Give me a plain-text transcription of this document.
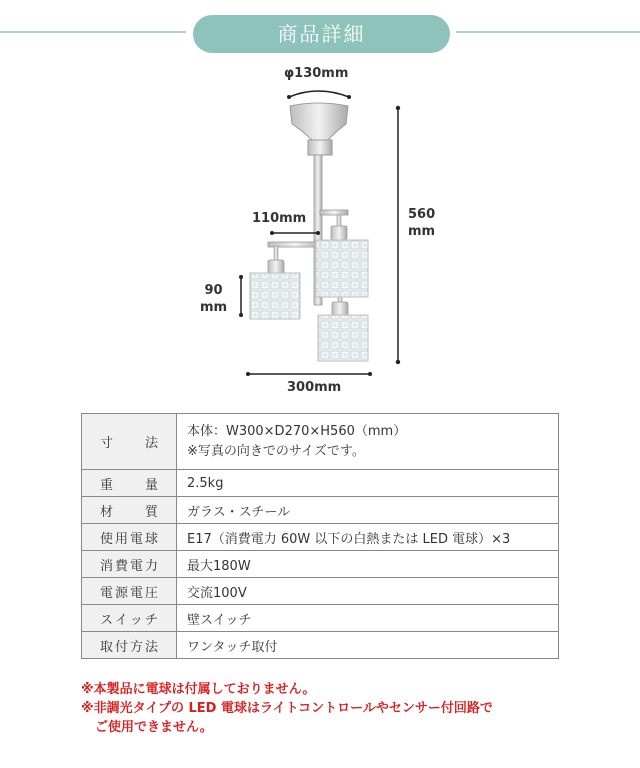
商品詳細
φ130mm
110mm	560
mm
90
mm
300mm
寸法	本体：W300×D270×H560（mm）
※写真の向きでのサイズです。

重量	2.5kg
材質	ガラス・スチール
使用電球	E17（消費電力 60W 以下の白熱または LED 電球）×3
消費電力	最大180W
電源電圧	交流100V
スイッチ	壁スイッチ
取付方法	ワンタッチ取付
※本製品に電球は付属しておりません。
※非調光タイプの LED 電球はライトコントロールやセンサー付回路で
ご使用できません。
